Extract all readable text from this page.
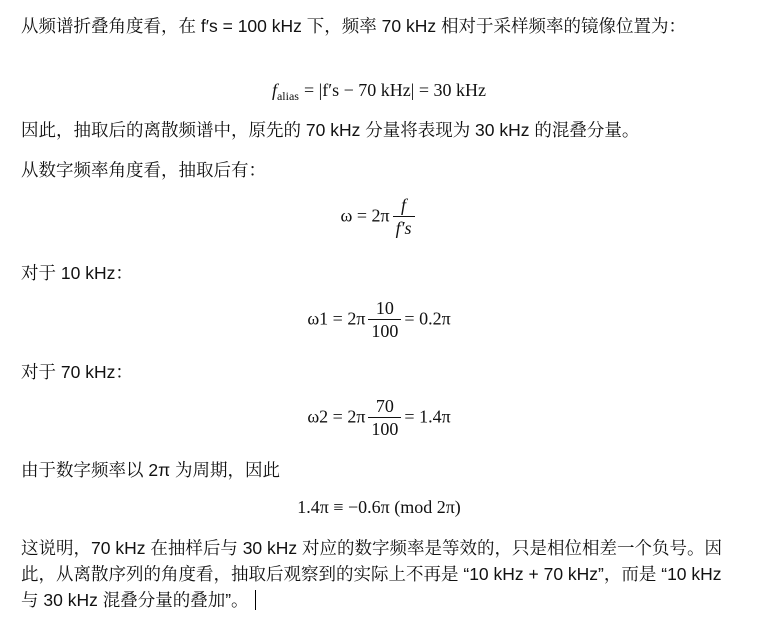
从频谱折叠角度看，在 f′s = 100 kHz 下，频率 70 kHz 相对于采样频率的镜像位置为：
$f_{alias} = |f's - 70$ kHz| = 30 kHz
因此，抽取后的离散频谱中，原先的 70 kHz 分量将表现为 30 kHz 的混叠分量。
从数字频率角度看，抽取后有：
$\omega = 2\pi \frac{f}{f's}$
对于 10 kHz：
$\omega 1 = 2\pi \frac{10}{100} = 0.2\pi$
对于 70 kHz：
$\omega 2 = 2\pi \frac{70}{100} = 1.4\pi$
由于数字频率以 2π 为周期，因此
1.4π ≡ −0.6π (mod 2π)
这说明，70 kHz 在抽样后与 30 kHz 对应的数字频率是等效的，只是相位相差一个负号。因此，从离散序列的角度看，抽取后观察到的实际上不再是 “10 kHz + 70 kHz”，而是 “10 kHz 与 30 kHz 混叠分量的叠加”。
